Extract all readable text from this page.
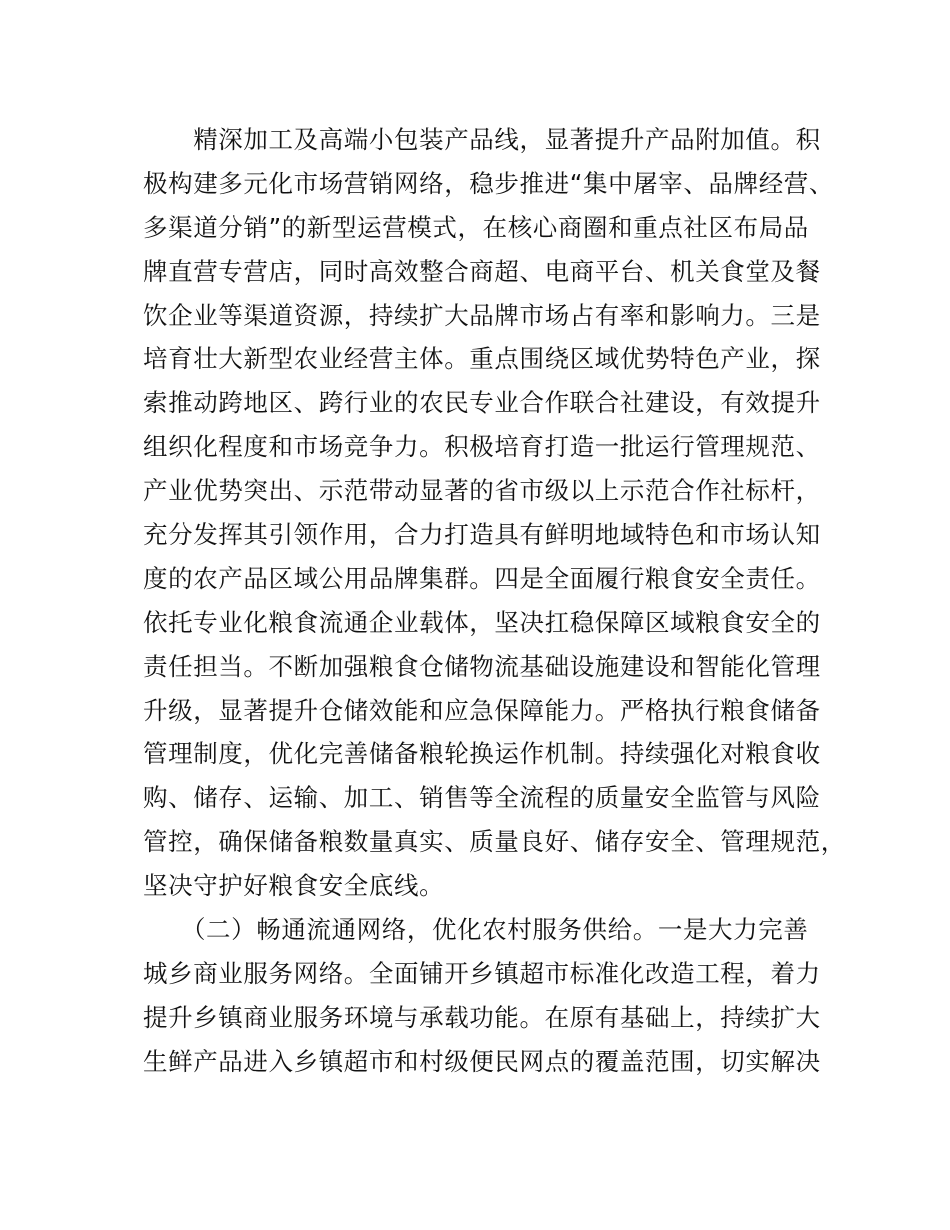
　　精深加工及高端小包装产品线，显著提升产品附加值。积
极构建多元化市场营销网络，稳步推进“集中屠宰、品牌经营、
多渠道分销”的新型运营模式，在核心商圈和重点社区布局品
牌直营专营店，同时高效整合商超、电商平台、机关食堂及餐
饮企业等渠道资源，持续扩大品牌市场占有率和影响力。三是
培育壮大新型农业经营主体。重点围绕区域优势特色产业，探
索推动跨地区、跨行业的农民专业合作联合社建设，有效提升
组织化程度和市场竞争力。积极培育打造一批运行管理规范、
产业优势突出、示范带动显著的省市级以上示范合作社标杆，
充分发挥其引领作用，合力打造具有鲜明地域特色和市场认知
度的农产品区域公用品牌集群。四是全面履行粮食安全责任。
依托专业化粮食流通企业载体，坚决扛稳保障区域粮食安全的
责任担当。不断加强粮食仓储物流基础设施建设和智能化管理
升级，显著提升仓储效能和应急保障能力。严格执行粮食储备
管理制度，优化完善储备粮轮换运作机制。持续强化对粮食收
购、储存、运输、加工、销售等全流程的质量安全监管与风险
管控，确保储备粮数量真实、质量良好、储存安全、管理规范，
坚决守护好粮食安全底线。
　　（二）畅通流通网络，优化农村服务供给。一是大力完善
城乡商业服务网络。全面铺开乡镇超市标准化改造工程，着力
提升乡镇商业服务环境与承载功能。在原有基础上，持续扩大
生鲜产品进入乡镇超市和村级便民网点的覆盖范围，切实解决
